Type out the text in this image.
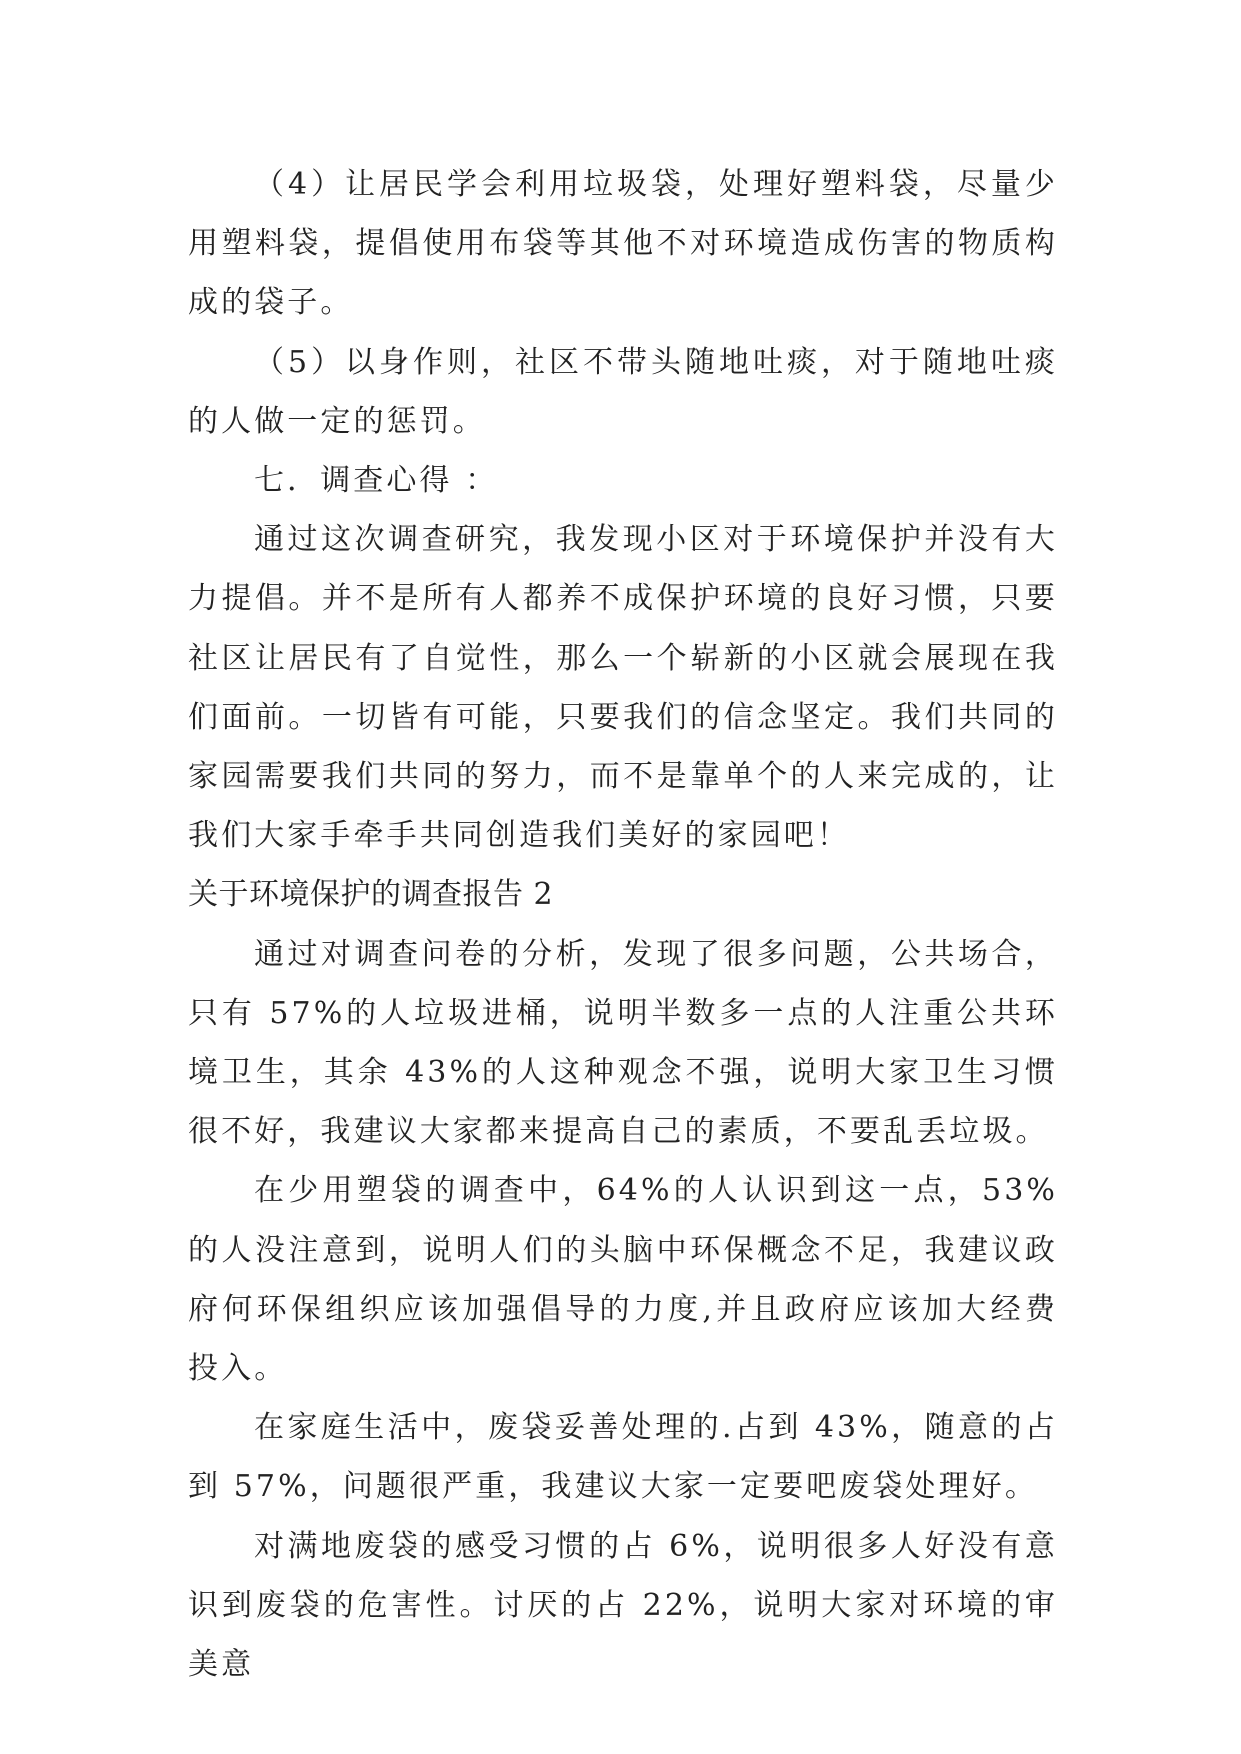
（4）让居民学会利用垃圾袋，处理好塑料袋，尽量少用塑料袋，提倡使用布袋等其他不对环境造成伤害的物质构成的袋子。

（5）以身作则，社区不带头随地吐痰，对于随地吐痰的人做一定的惩罚。

七．调查心得 ：

通过这次调查研究，我发现小区对于环境保护并没有大力提倡。并不是所有人都养不成保护环境的良好习惯，只要社区让居民有了自觉性，那么一个崭新的小区就会展现在我们面前。一切皆有可能，只要我们的信念坚定。我们共同的家园需要我们共同的努力，而不是靠单个的人来完成的，让我们大家手牵手共同创造我们美好的家园吧！

关于环境保护的调查报告 2

通过对调查问卷的分析，发现了很多问题，公共场合，只有 57%的人垃圾进桶，说明半数多一点的人注重公共环境卫生，其余 43%的人这种观念不强，说明大家卫生习惯很不好，我建议大家都来提高自己的素质，不要乱丢垃圾。

在少用塑袋的调查中，64%的人认识到这一点，53%的人没注意到，说明人们的头脑中环保概念不足，我建议政府何环保组织应该加强倡导的力度,并且政府应该加大经费投入。

在家庭生活中，废袋妥善处理的.占到 43%，随意的占到 57%，问题很严重，我建议大家一定要吧废袋处理好。

对满地废袋的感受习惯的占 6%，说明很多人好没有意识到废袋的危害性。讨厌的占 22%，说明大家对环境的审美意
